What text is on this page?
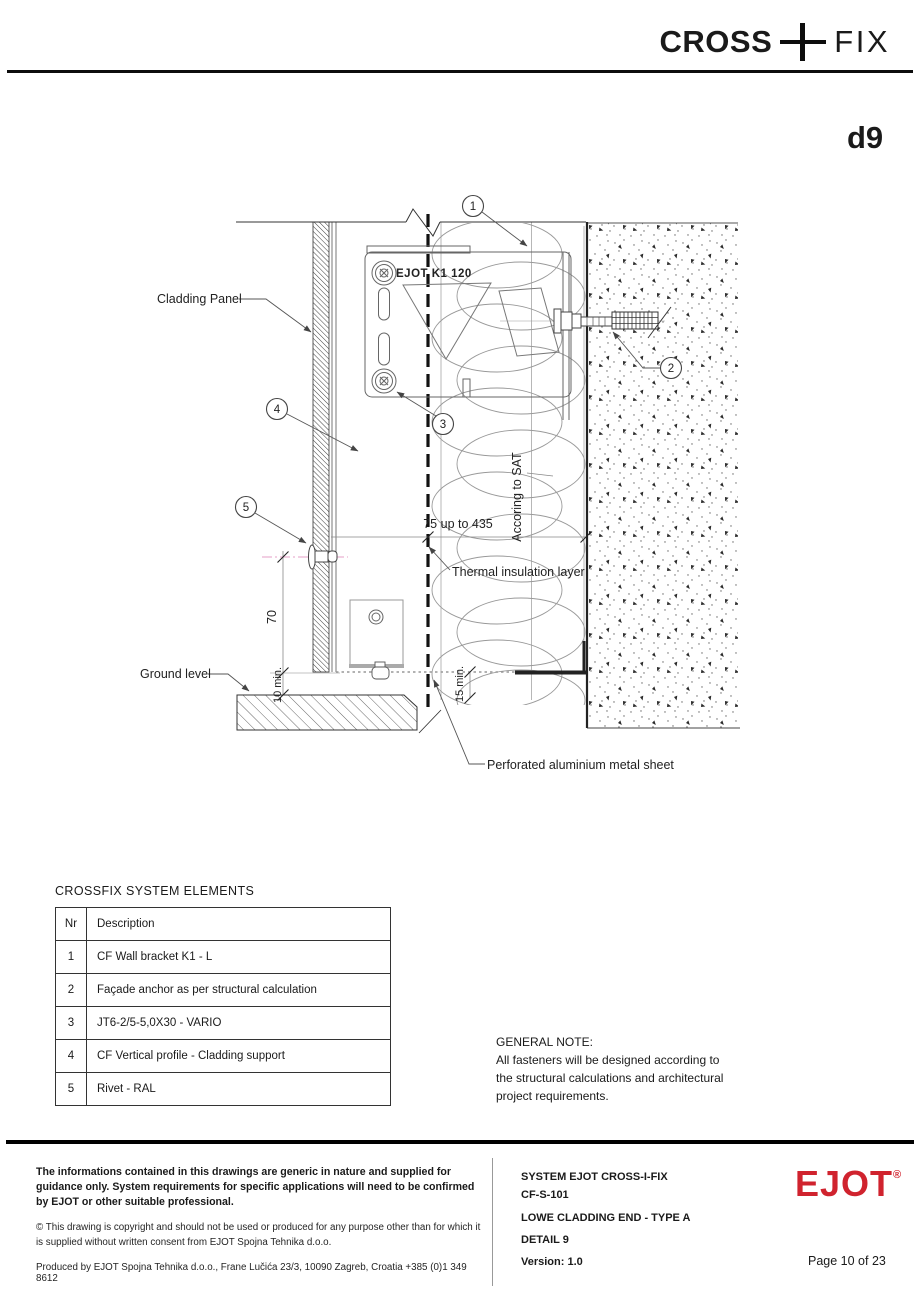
CROSS FIX
d9
EJOT K1 120
75 up to 435
70
10 min.	15 min.
Cladding Panel
Ground level
Thermal insulation layer
Perforated aluminium metal sheet
Accoring to SAT
1
2
3
4
5
CROSSFIX SYSTEM ELEMENTS
Nr	Description
1	CF Wall bracket K1 - L
2	Façade anchor as per structural calculation
3	JT6-2/5-5,0X30 - VARIO
4	CF Vertical profile - Cladding support
5	Rivet - RAL
GENERAL NOTE:
All fasteners will be designed according to
the structural calculations and architectural
project requirements.
The informations contained in this drawings are generic in nature and supplied for guidance only. System requirements for specific applications will need to be confirmed by EJOT or other suitable professional.
© This drawing is copyright and should not be used or produced for any purpose other than for which it is supplied without written consent from EJOT Spojna Tehnika d.o.o.
Produced by EJOT Spojna Tehnika d.o.o., Frane Lučića 23/3, 10090 Zagreb, Croatia +385 (0)1 349 8612
SYSTEM EJOT CROSS-I-FIX
CF-S-101
LOWE CLADDING END - TYPE A
DETAIL 9
Version: 1.0
EJOT®
Page 10 of 23
